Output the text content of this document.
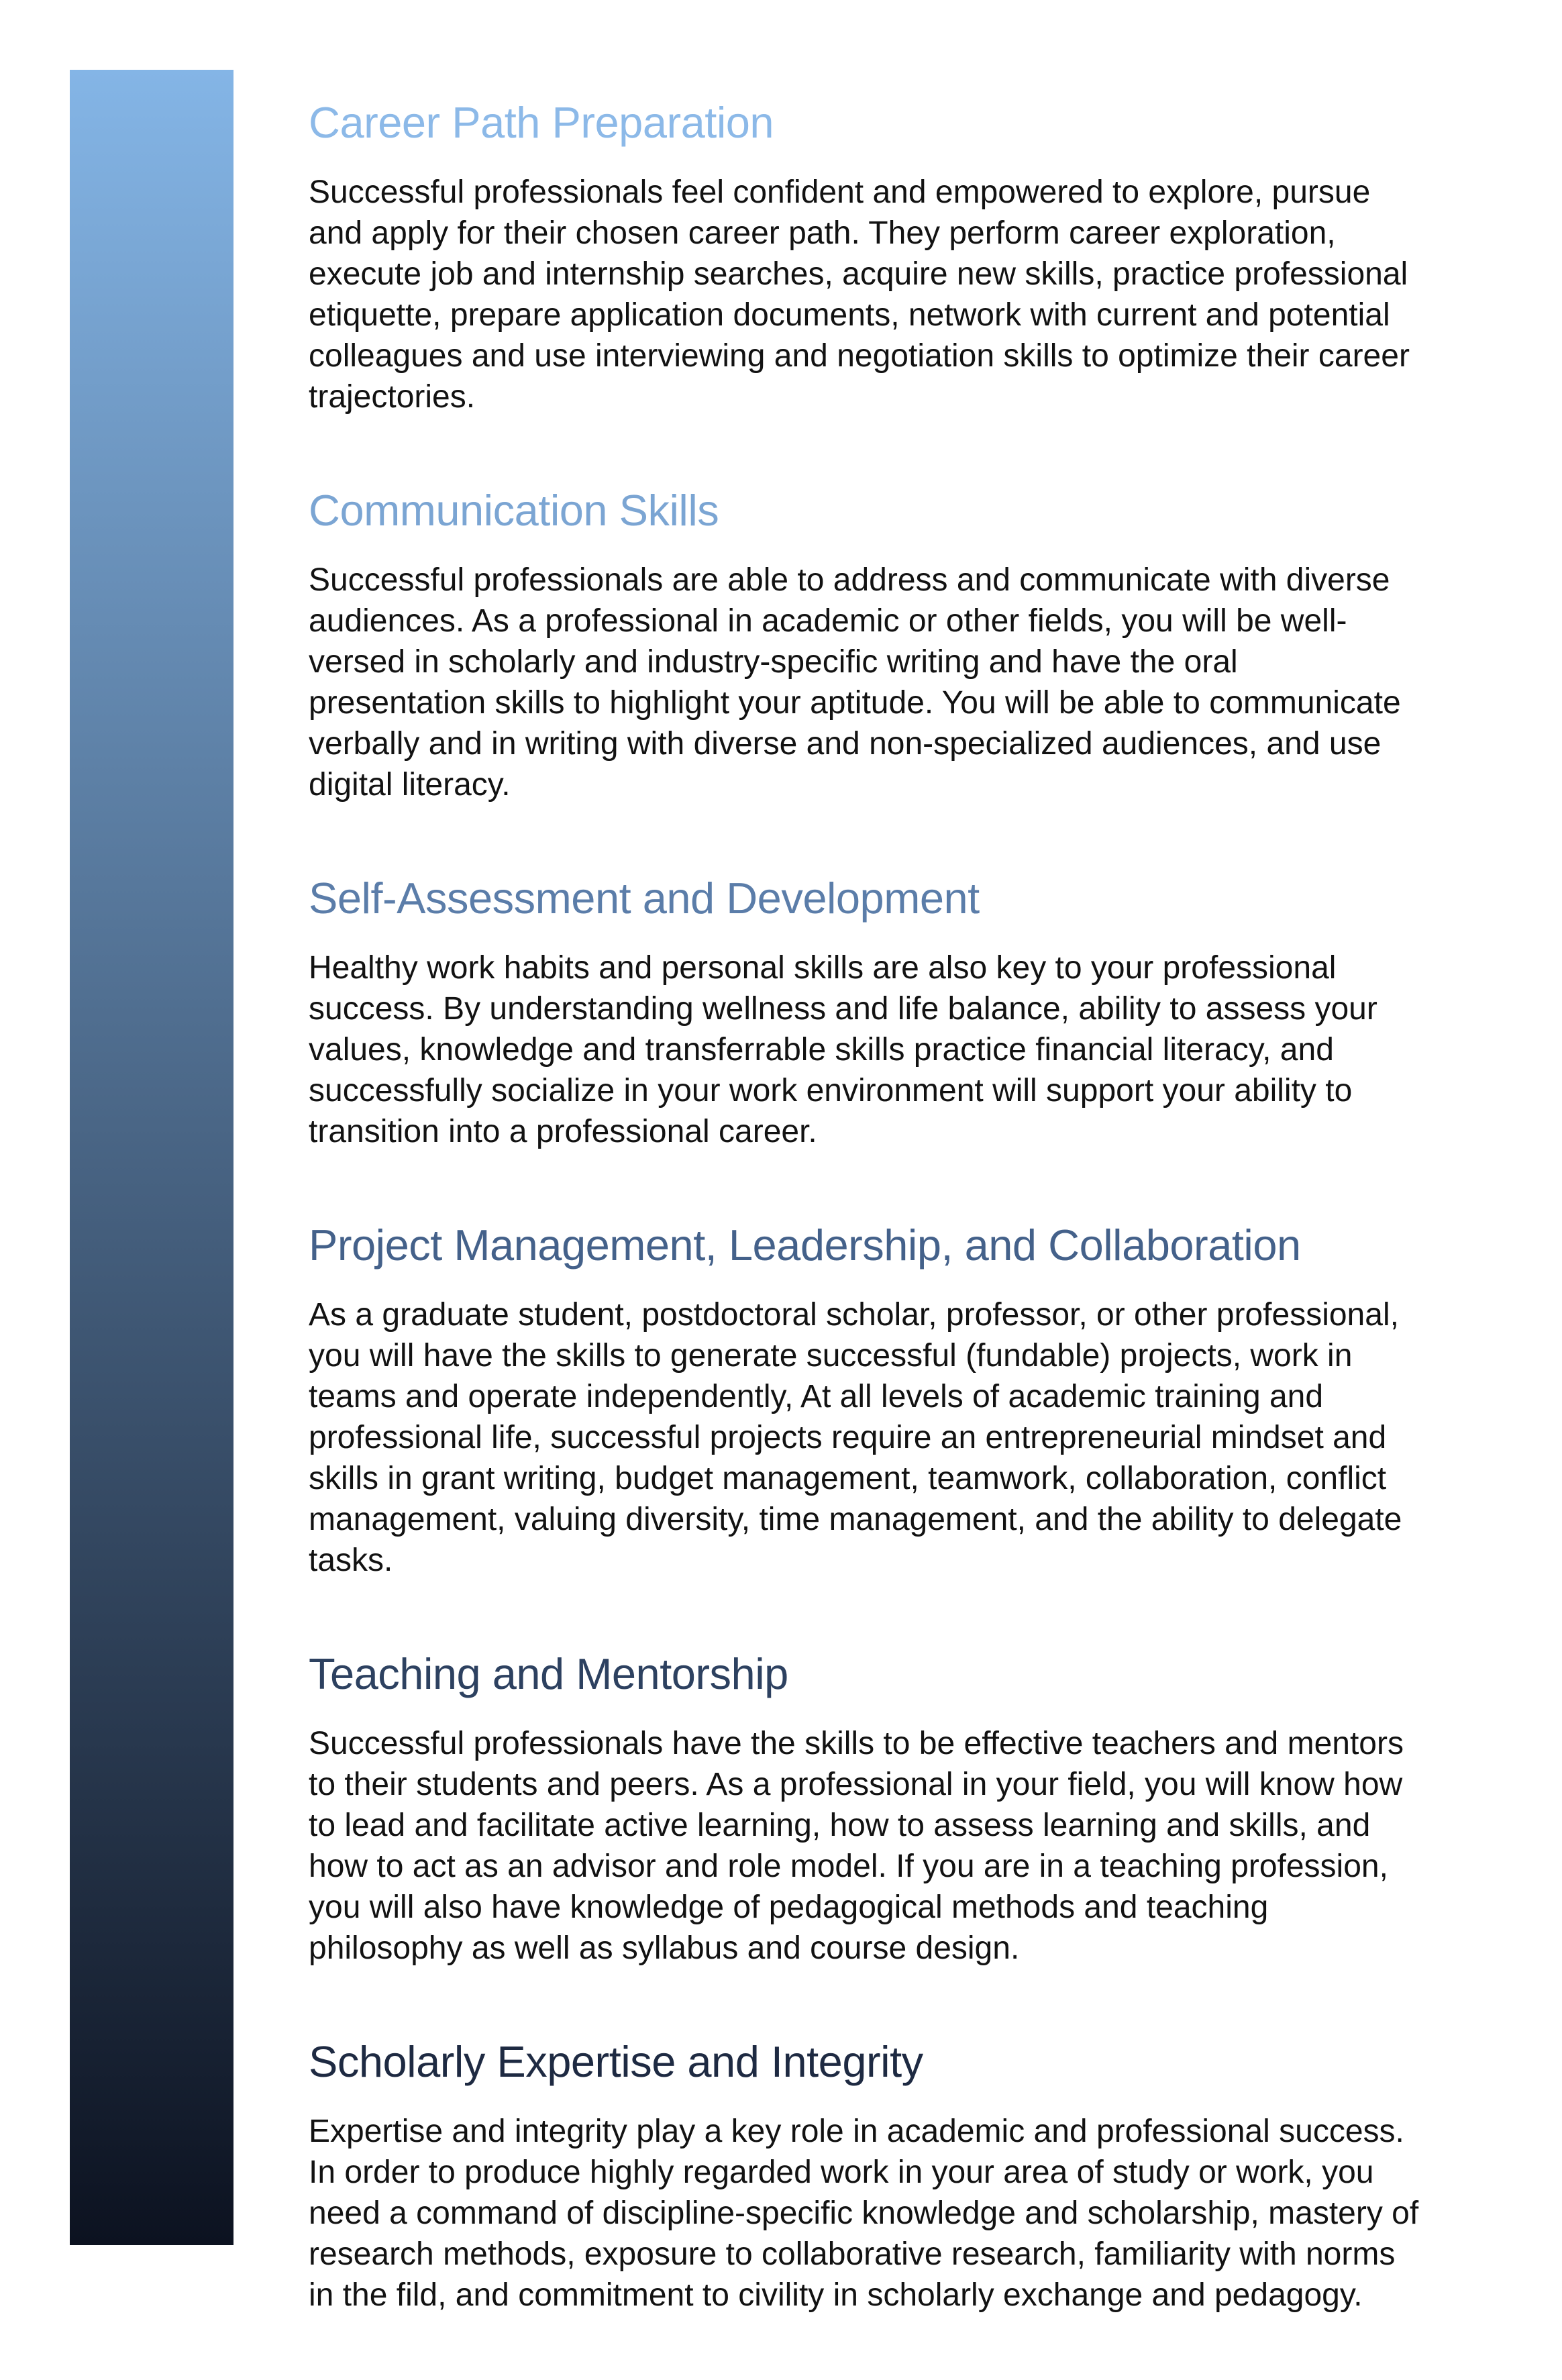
Career Path Preparation

Successful professionals feel confident and empowered to explore, pursue and apply for their chosen career path. They perform career exploration, execute job and internship searches, acquire new skills, practice professional etiquette, prepare application documents, network with current and potential colleagues and use interviewing and negotiation skills to optimize their career trajectories.

Communication Skills

Successful professionals are able to address and communicate with diverse audiences. As a professional in academic or other fields, you will be well-versed in scholarly and industry-specific writing and have the oral presentation skills to highlight your aptitude. You will be able to communicate verbally and in writing with diverse and non-specialized audiences, and use digital literacy.

Self-Assessment and Development

Healthy work habits and personal skills are also key to your professional success. By understanding wellness and life balance, ability to assess your values, knowledge and transferrable skills practice financial literacy, and successfully socialize in your work environment will support your ability to transition into a professional career.

Project Management, Leadership, and Collaboration

As a graduate student, postdoctoral scholar, professor, or other professional, you will have the skills to generate successful (fundable) projects, work in teams and operate independently, At all levels of academic training and professional life, successful projects require an entrepreneurial mindset and skills in grant writing, budget management, teamwork, collaboration, conflict management, valuing diversity, time management, and the ability to delegate tasks.

Teaching and Mentorship

Successful professionals have the skills to be effective teachers and mentors to their students and peers. As a professional in your field, you will know how to lead and facilitate active learning, how to assess learning and skills, and how to act as an advisor and role model. If you are in a teaching profession, you will also have knowledge of pedagogical methods and teaching philosophy as well as syllabus and course design.

Scholarly Expertise and Integrity

Expertise and integrity play a key role in academic and professional success. In order to produce highly regarded work in your area of study or work, you need a command of discipline-specific knowledge and scholarship, mastery of research methods, exposure to collaborative research, familiarity with norms in the fild, and commitment to civility in scholarly exchange and pedagogy.
